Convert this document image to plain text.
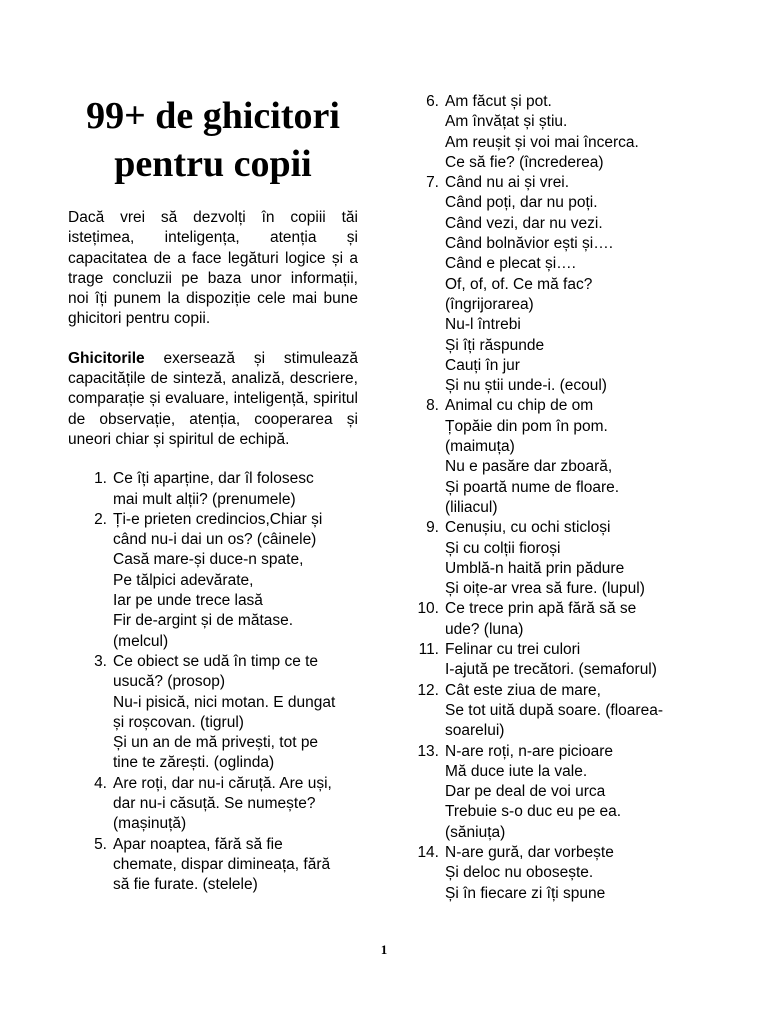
99+ de ghicitori
pentru copii

Dacă vrei să dezvolți în copiii tăi istețimea, inteligența, atenția și capacitatea de a face legături logice și a trage concluzii pe baza unor informații, noi îți punem la dispoziție cele mai bune ghicitori pentru copii.

Ghicitorile exersează și stimulează capacitățile de sinteză, analiză, descriere, comparație și evaluare, inteligență, spiritul de observație, atenția, cooperarea și uneori chiar și spiritul de echipă.

1. Ce îți aparține, dar îl folosesc
mai mult alții? (prenumele)
2. Ți-e prieten credincios,Chiar și
când nu-i dai un os? (câinele)
Casă mare-și duce-n spate,
Pe tălpici adevărate,
Iar pe unde trece lasă
Fir de-argint și de mătase.
(melcul)
3. Ce obiect se udă în timp ce te
usucă? (prosop)
Nu-i pisică, nici motan. E dungat
și roșcovan. (tigrul)
Și un an de mă privești, tot pe
tine te zărești. (oglinda)
4. Are roți, dar nu-i căruță. Are uși,
dar nu-i căsuță. Se numește?
(mașinuță)
5. Apar noaptea, fără să fie
chemate, dispar dimineața, fără
să fie furate. (stelele)
6. Am făcut și pot.
Am învățat și știu.
Am reușit și voi mai încerca.
Ce să fie? (încrederea)
7. Când nu ai și vrei.
Când poți, dar nu poți.
Când vezi, dar nu vezi.
Când bolnăvior ești și….
Când e plecat și….
Of, of, of. Ce mă fac?
(îngrijorarea)
Nu-l întrebi
Și îți răspunde
Cauți în jur
Și nu știi unde-i. (ecoul)
8. Animal cu chip de om
Țopăie din pom în pom.
(maimuța)
Nu e pasăre dar zboară,
Și poartă nume de floare.
(liliacul)
9. Cenușiu, cu ochi sticloși
Și cu colții fioroși
Umblă-n haită prin pădure
Și oițe-ar vrea să fure. (lupul)
10. Ce trece prin apă fără să se
ude? (luna)
11. Felinar cu trei culori
I-ajută pe trecători. (semaforul)
12. Cât este ziua de mare,
Se tot uită după soare. (floarea-
soarelui)
13. N-are roți, n-are picioare
Mă duce iute la vale.
Dar pe deal de voi urca
Trebuie s-o duc eu pe ea.
(săniuța)
14. N-are gură, dar vorbește
Și deloc nu obosește.
Și în fiecare zi îți spune
1
